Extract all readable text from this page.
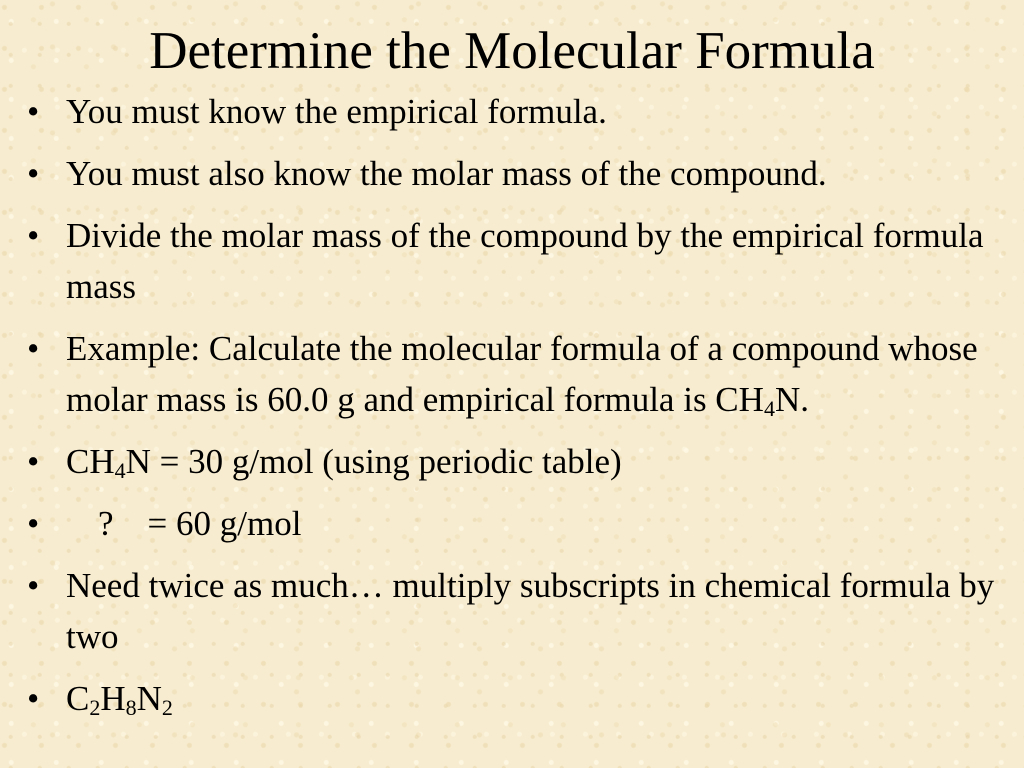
Determine the Molecular Formula
• You must know the empirical formula.
• You must also know the molar mass of the compound.
• Divide the molar mass of the compound by the empirical formula mass
• Example: Calculate the molecular formula of a compound whose molar mass is 60.0 g and empirical formula is $CH_4N$.
• $CH_4N = 30$ g/mol (using periodic table)
• ? = 60 g/mol
• Need twice as much… multiply subscripts in chemical formula by two
• $C_2H_8N_2$
